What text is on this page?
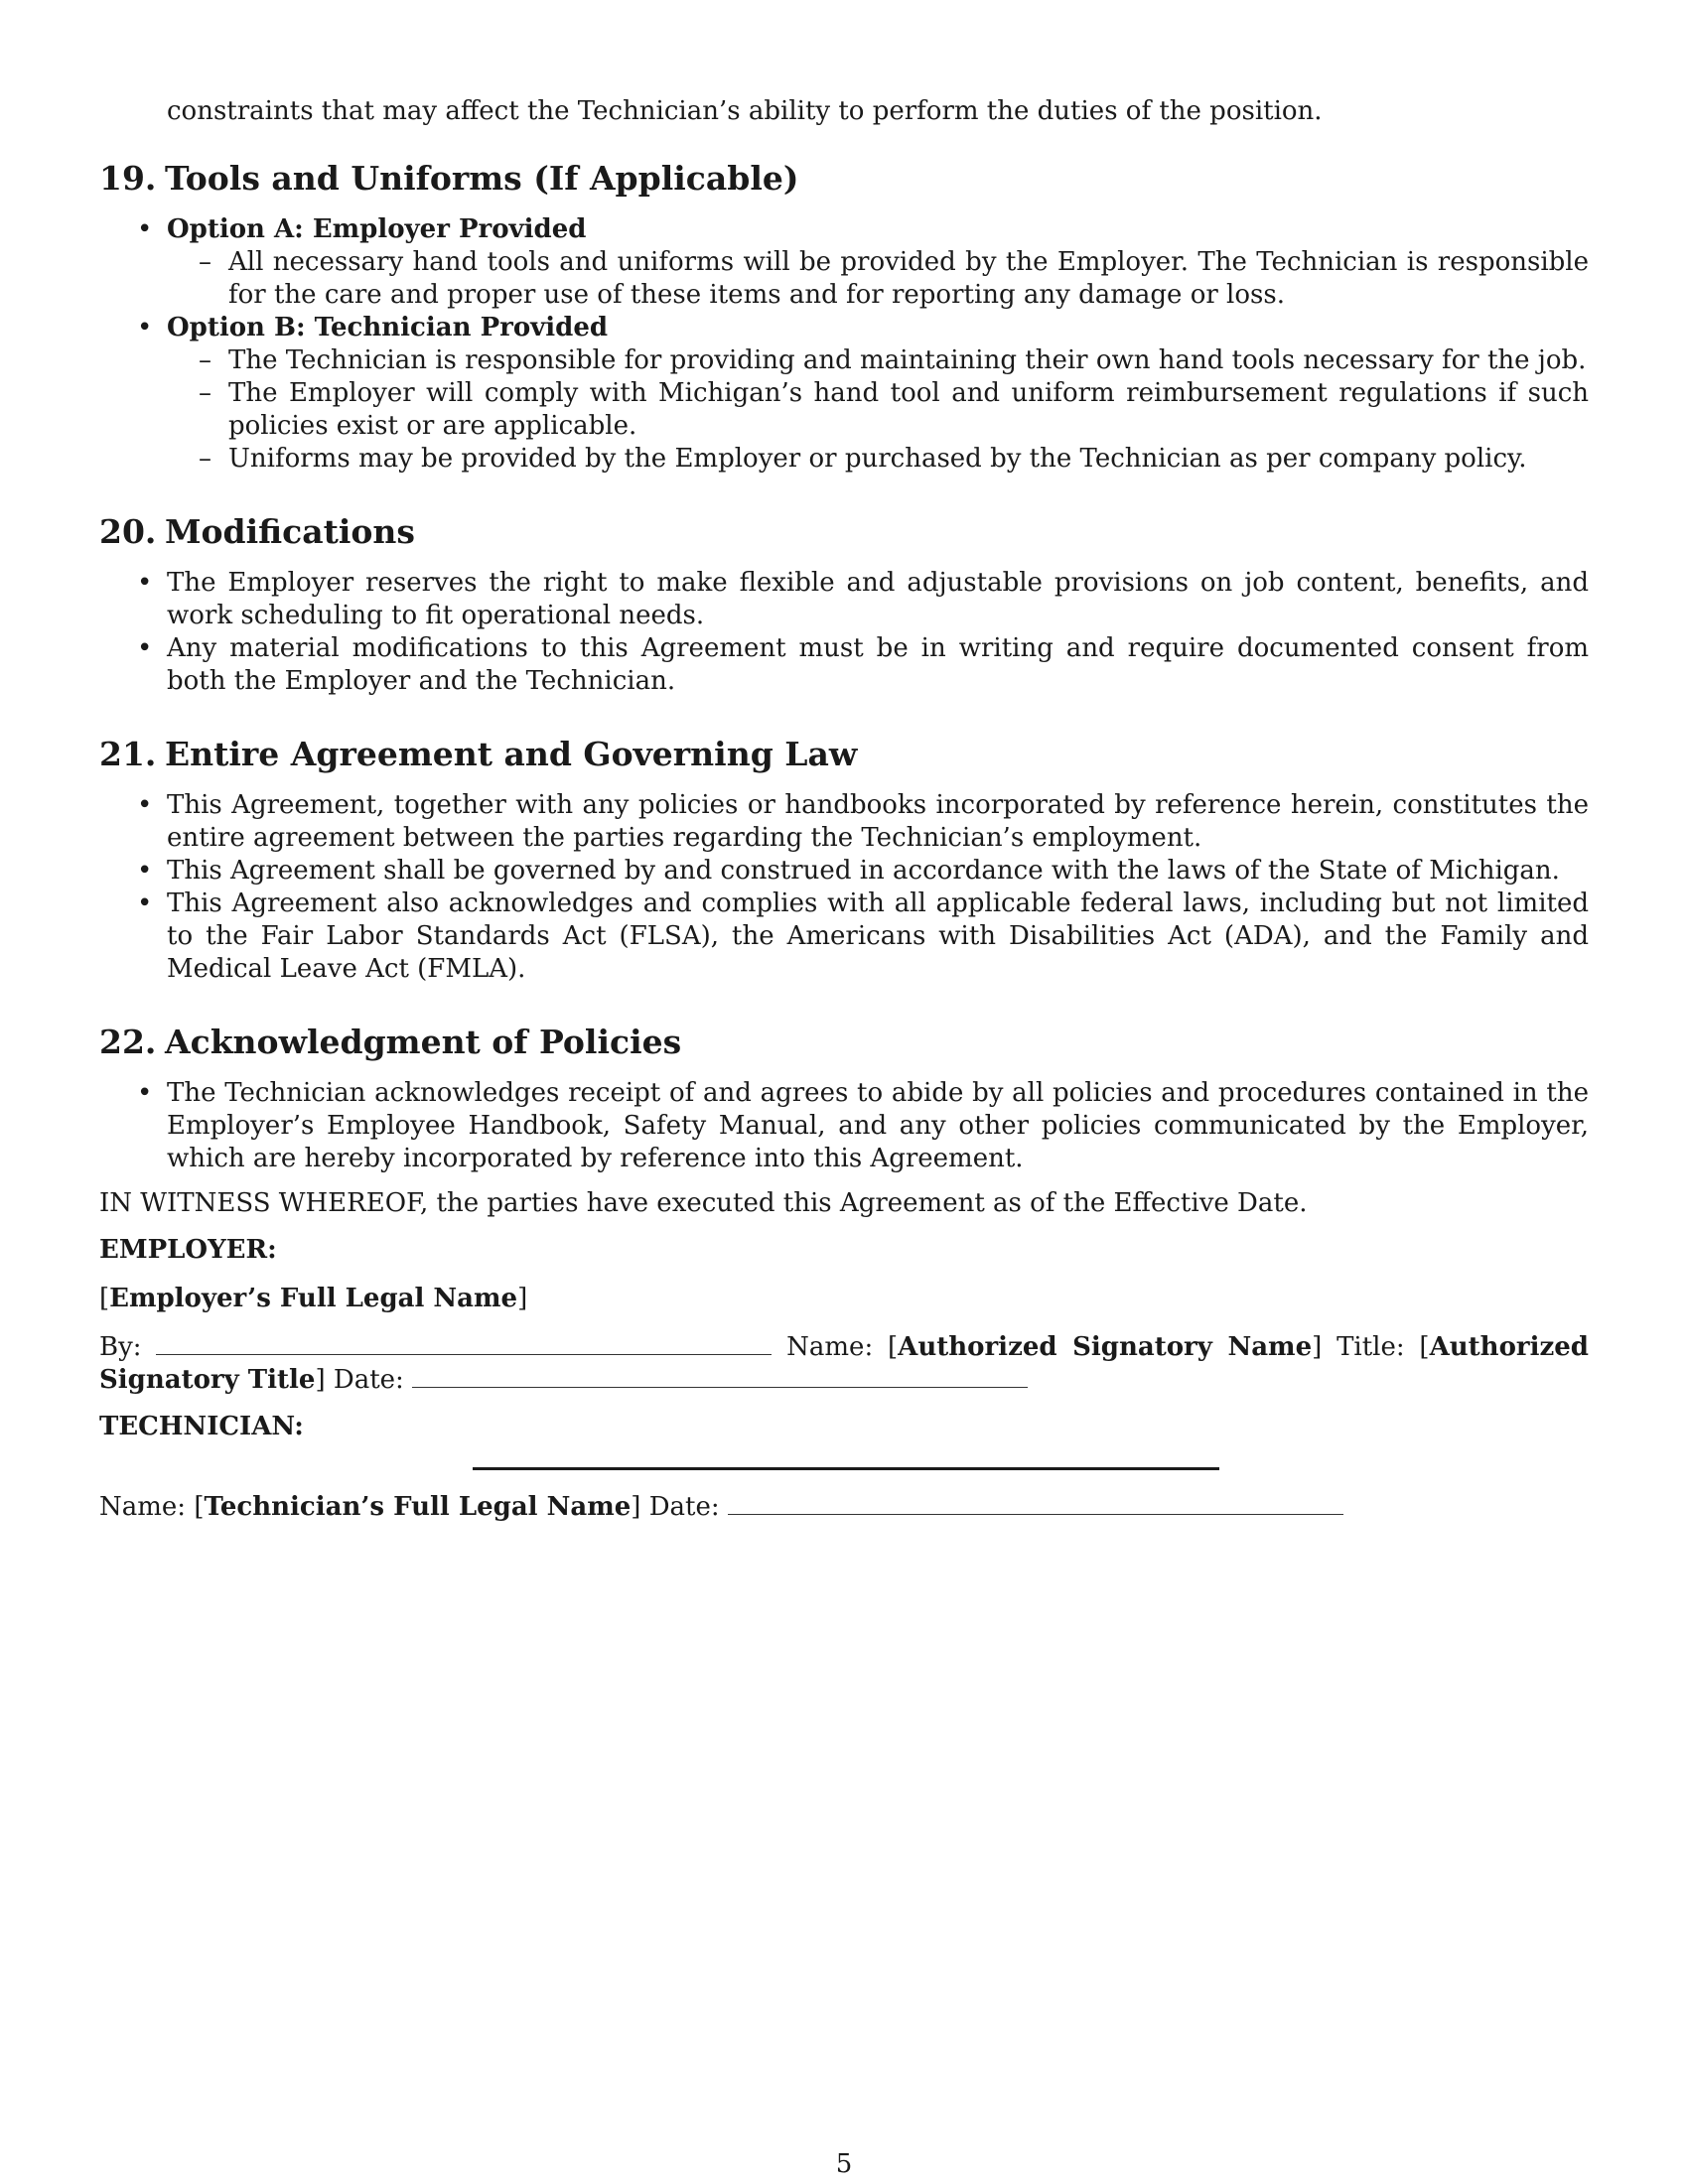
constraints that may affect the Technician’s ability to perform the duties of the position.

19. Tools and Uniforms (If Applicable)
• Option A: Employer Provided
– All necessary hand tools and uniforms will be provided by the Employer. The Technician is responsible for the care and proper use of these items and for reporting any damage or loss.
• Option B: Technician Provided
– The Technician is responsible for providing and maintaining their own hand tools necessary for the job.
– The Employer will comply with Michigan’s hand tool and uniform reimbursement regulations if such policies exist or are applicable.
– Uniforms may be provided by the Employer or purchased by the Technician as per company policy.
20. Modifications
• The Employer reserves the right to make flexible and adjustable provisions on job content, benefits, and work scheduling to fit operational needs.
• Any material modifications to this Agreement must be in writing and require documented consent from both the Employer and the Technician.
21. Entire Agreement and Governing Law
• This Agreement, together with any policies or handbooks incorporated by reference herein, constitutes the entire agreement between the parties regarding the Technician’s employment.
• This Agreement shall be governed by and construed in accordance with the laws of the State of Michigan.
• This Agreement also acknowledges and complies with all applicable federal laws, including but not limited to the Fair Labor Standards Act (FLSA), the Americans with Disabilities Act (ADA), and the Family and Medical Leave Act (FMLA).
22. Acknowledgment of Policies
• The Technician acknowledges receipt of and agrees to abide by all policies and procedures contained in the Employer’s Employee Handbook, Safety Manual, and any other policies communicated by the Employer, which are hereby incorporated by reference into this Agreement.

IN WITNESS WHEREOF, the parties have executed this Agreement as of the Effective Date.

EMPLOYER:

[Employer’s Full Legal Name]

By:	Name: [Authorized Signatory Name] Title: [Authorized Signatory Title] Date:

TECHNICIAN:

Name: [Technician’s Full Legal Name] Date:

5
